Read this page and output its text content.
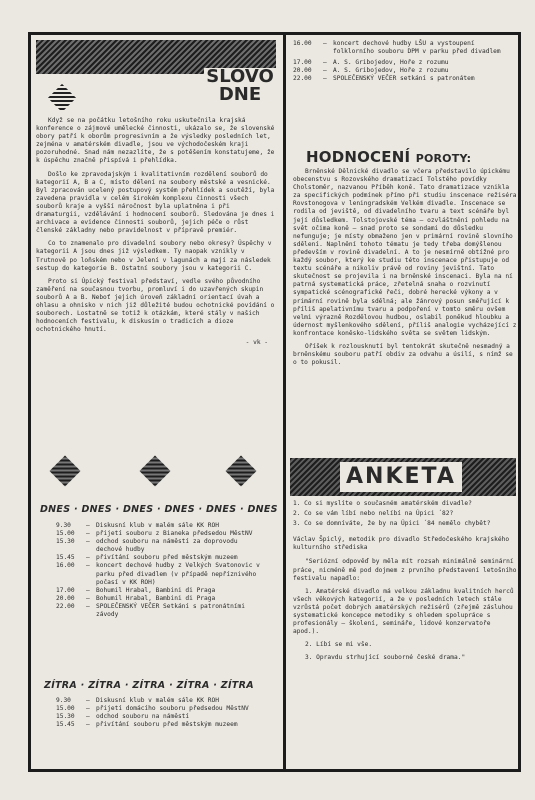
SLOVO DNE

Když se na počátku letošního roku uskutečnila krajská konference o zájmové umělecké činnosti, ukázalo se, že slovenské obory patří k oborům progresivním a že výsledky posledních let, zejména v amatérském divadle, jsou ve východočeském kraji pozoruhodné. Snad nám nezazlíte, že s potěšením konstatujeme, že k úspěchu značně přispívá i přehlídka.

Došlo ke zpravodajským i kvalitativním rozdělení souborů do kategorií A, B a C, místo dělení na soubory městské a vesnické. Byl zpracován ucelený postupový systém přehlídek a soutěží, byla zavedena pravidla v celém širokém komplexu činnosti všech souborů kraje a vyšší náročnost byla uplatněna i při dramaturgii, vzdělávání i hodnocení souborů. Sledována je dnes i archivace a evidence činnosti souborů, jejich péče o růst členské základny nebo pravidelnost v přípravě premiér.

Co to znamenalo pro divadelní soubory nebo okresy? Úspěchy v kategorii A jsou dnes již výsledkem. Ty naopak vznikly v Trutnově po loňském nebo v Jelení v lagunách a mají za následek sestup do kategorie B. Ostatní soubory jsou v kategorii C.

Proto si Úpický festival představí, vedle svého původního zaměření na současnou tvorbu, promluví i do uzavřených skupin souborů A a B. Neboť jejich úroveň základní orientací úvah a ohlasu a ohnisko v nich již důležité budou ochotnické povídání o souborech. Lostatně se totiž k otázkám, které stály v našich hodnoceních festivalu, k diskusím o tradicích a dioze ochotnického hnutí.

- vk -

DNES · DNES · DNES · DNES · DNES · DNES
9.30	–	Diskusní klub v malém sále KK ROH
15.00	–	přijetí souboru z Bianeka předsedou MěstNV
15.30	–	odchod souboru na náměstí za doprovodu dechové hudby
15.45	–	přivítání souboru před městským muzeem
16.00	–	koncert dechové hudby z Velkých Svatonovic v parku před divadlem (v případě nepříznivého počasí v KK ROH)
17.00	–	Bohumil Hrabal, Bambini di Praga
20.00	–	Bohumil Hrabal, Bambini di Praga
22.00	–	SPOLEČENSKÝ VEČER Setkání s patronátními závody
ZÍTRA · ZÍTRA · ZÍTRA · ZÍTRA · ZÍTRA
9.30	–	Diskusní klub v malém sále KK ROH
15.00	–	přijetí domácího souboru předsedou MěstNV
15.30	–	odchod souboru na náměstí
15.45	–	přivítání souboru před městským muzeem
16.00	–	koncert dechové hudby LŠU a vystoupení folklorního souboru DPM v parku před divadlem
17.00	–	A. S. Gribojedov, Hoře z rozumu
20.00	–	A. S. Gribojedov, Hoře z rozumu
22.00	–	SPOLEČENSKÝ VEČER setkání s patronátem
HODNOCENÍ POROTY:

Brněnské Dělnické divadlo se včera představilo úpickému obecenstvu s Rozovského dramatizací Tolstého povídky Cholstoměr, nazvanou Příběh koně. Tato dramatizace vznikla za specifických podmínek přímo při studiu inscenace režiséra Rovstonogova v leningradském Velkém divadle. Inscenace se rodila od jeviště, od divadelního tvaru a text scénáře byl její důsledkem. Tolstojovské téma – ozvláštnění pohledu na svět očima koně – snad proto se sondami do důsledku nefunguje; je místy obmaženo jen v primární rovině slovního sdělení. Naplnění tohoto tématu je tedy třeba domýšlenou především v rovině divadelní. A to je nesmírně obtížné pro každý soubor, který ke studiu této inscenace přistupuje od textu scénáře a nikoliv právě od roviny jevištní. Tato skutečnost se projevila i na brněnské inscenaci. Byla na ní patrná systematická práce, zřetelná snaha o rozvinutí sympatické scénografické řeči, dobré herecké výkony a v primární rovině byla sdělná; ale žánrový posun směřující k příliš apelativnímu tvaru a podpoření v tomto směru ovšem velmi výrazně Rozdělovou hudbou, oslabil poněkud hloubku a údernost myšlenkového sdělení, příliš analogie vycházející z konfrontace koněsko-lidského světa se světem lidským.

Oříšek k rozlousknutí byl tentokrát skutečně nesmadný a brněnskému souboru patří obdiv za odvahu a úsilí, s nímž se o to pokusil.

ANKETA

1. Co si myslíte o současném amatérském divadle?

2. Co se vám líbí nebo nelíbí na Úpici ´82?

3. Co se domníváte, že by na Úpici ´84 nemělo chybět?

Václav Špiclý, metodik pro divadlo Středočeského krajského kulturního střediska

"Seriózní odpověď by měla mít rozsah minimálně seminární práce, nicméně mě pod dojmem z prvního představení letošního festivalu napadlo:

1. Amatérské divadlo má velkou základnu kvalitních herců všech věkových kategorií, a že v posledních letech stále vzrůstá počet dobrých amatérských režisérů (zřejmě zásluhou systematické koncepce metodiky s ohledem spolupráce s profesionály – školení, semináře, lidové konzervatoře apod.).

2. Líbí se mi vše.

3. Opravdu strhující souborné české drama."
